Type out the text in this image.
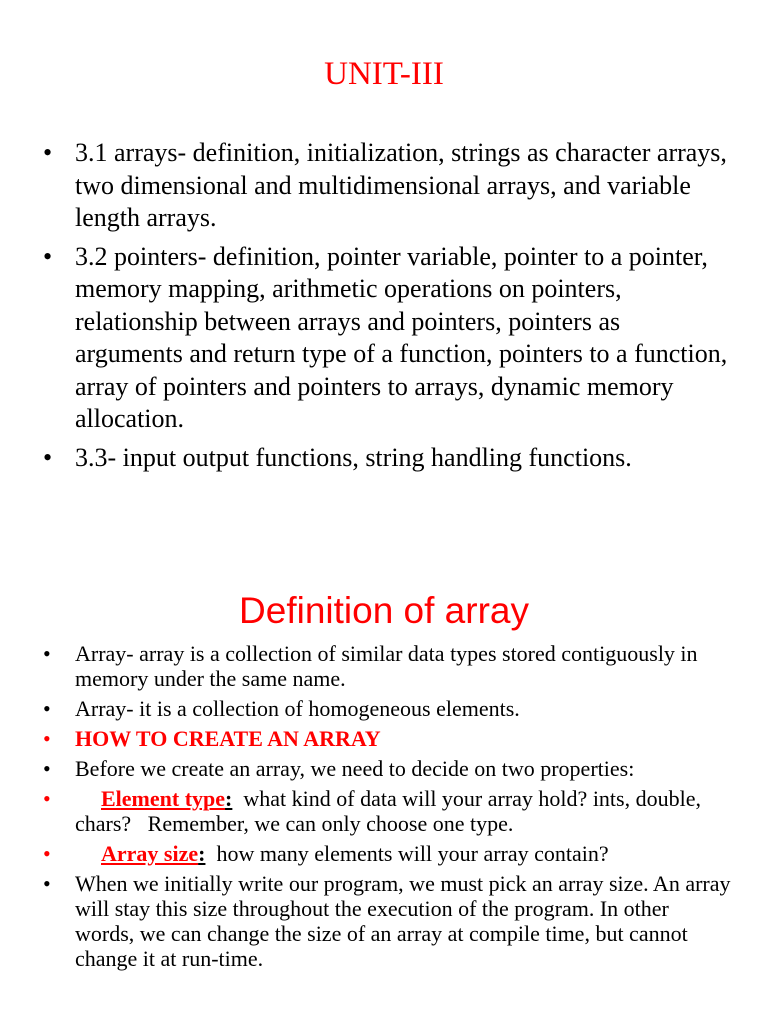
UNIT-III
• 3.1 arrays- definition, initialization, strings as character arrays, two dimensional and multidimensional arrays, and variable length arrays.
• 3.2 pointers- definition, pointer variable, pointer to a pointer, memory mapping, arithmetic operations on pointers, relationship between arrays and pointers, pointers as arguments and return type of a function, pointers to a function, array of pointers and pointers to arrays, dynamic memory allocation.
• 3.3- input output functions, string handling functions.
Definition of array
• Array- array is a collection of similar data types stored contiguously in memory under the same name.
• Array- it is a collection of homogeneous elements.
• HOW TO CREATE AN ARRAY
• Before we create an array, we need to decide on two properties:
• Element type:  what kind of data will your array hold? ints, double, chars?   Remember, we can only choose one type.
• Array size:  how many elements will your array contain?
• When we initially write our program, we must pick an array size. An array will stay this size throughout the execution of the program. In other words, we can change the size of an array at compile time, but cannot change it at run-time.
